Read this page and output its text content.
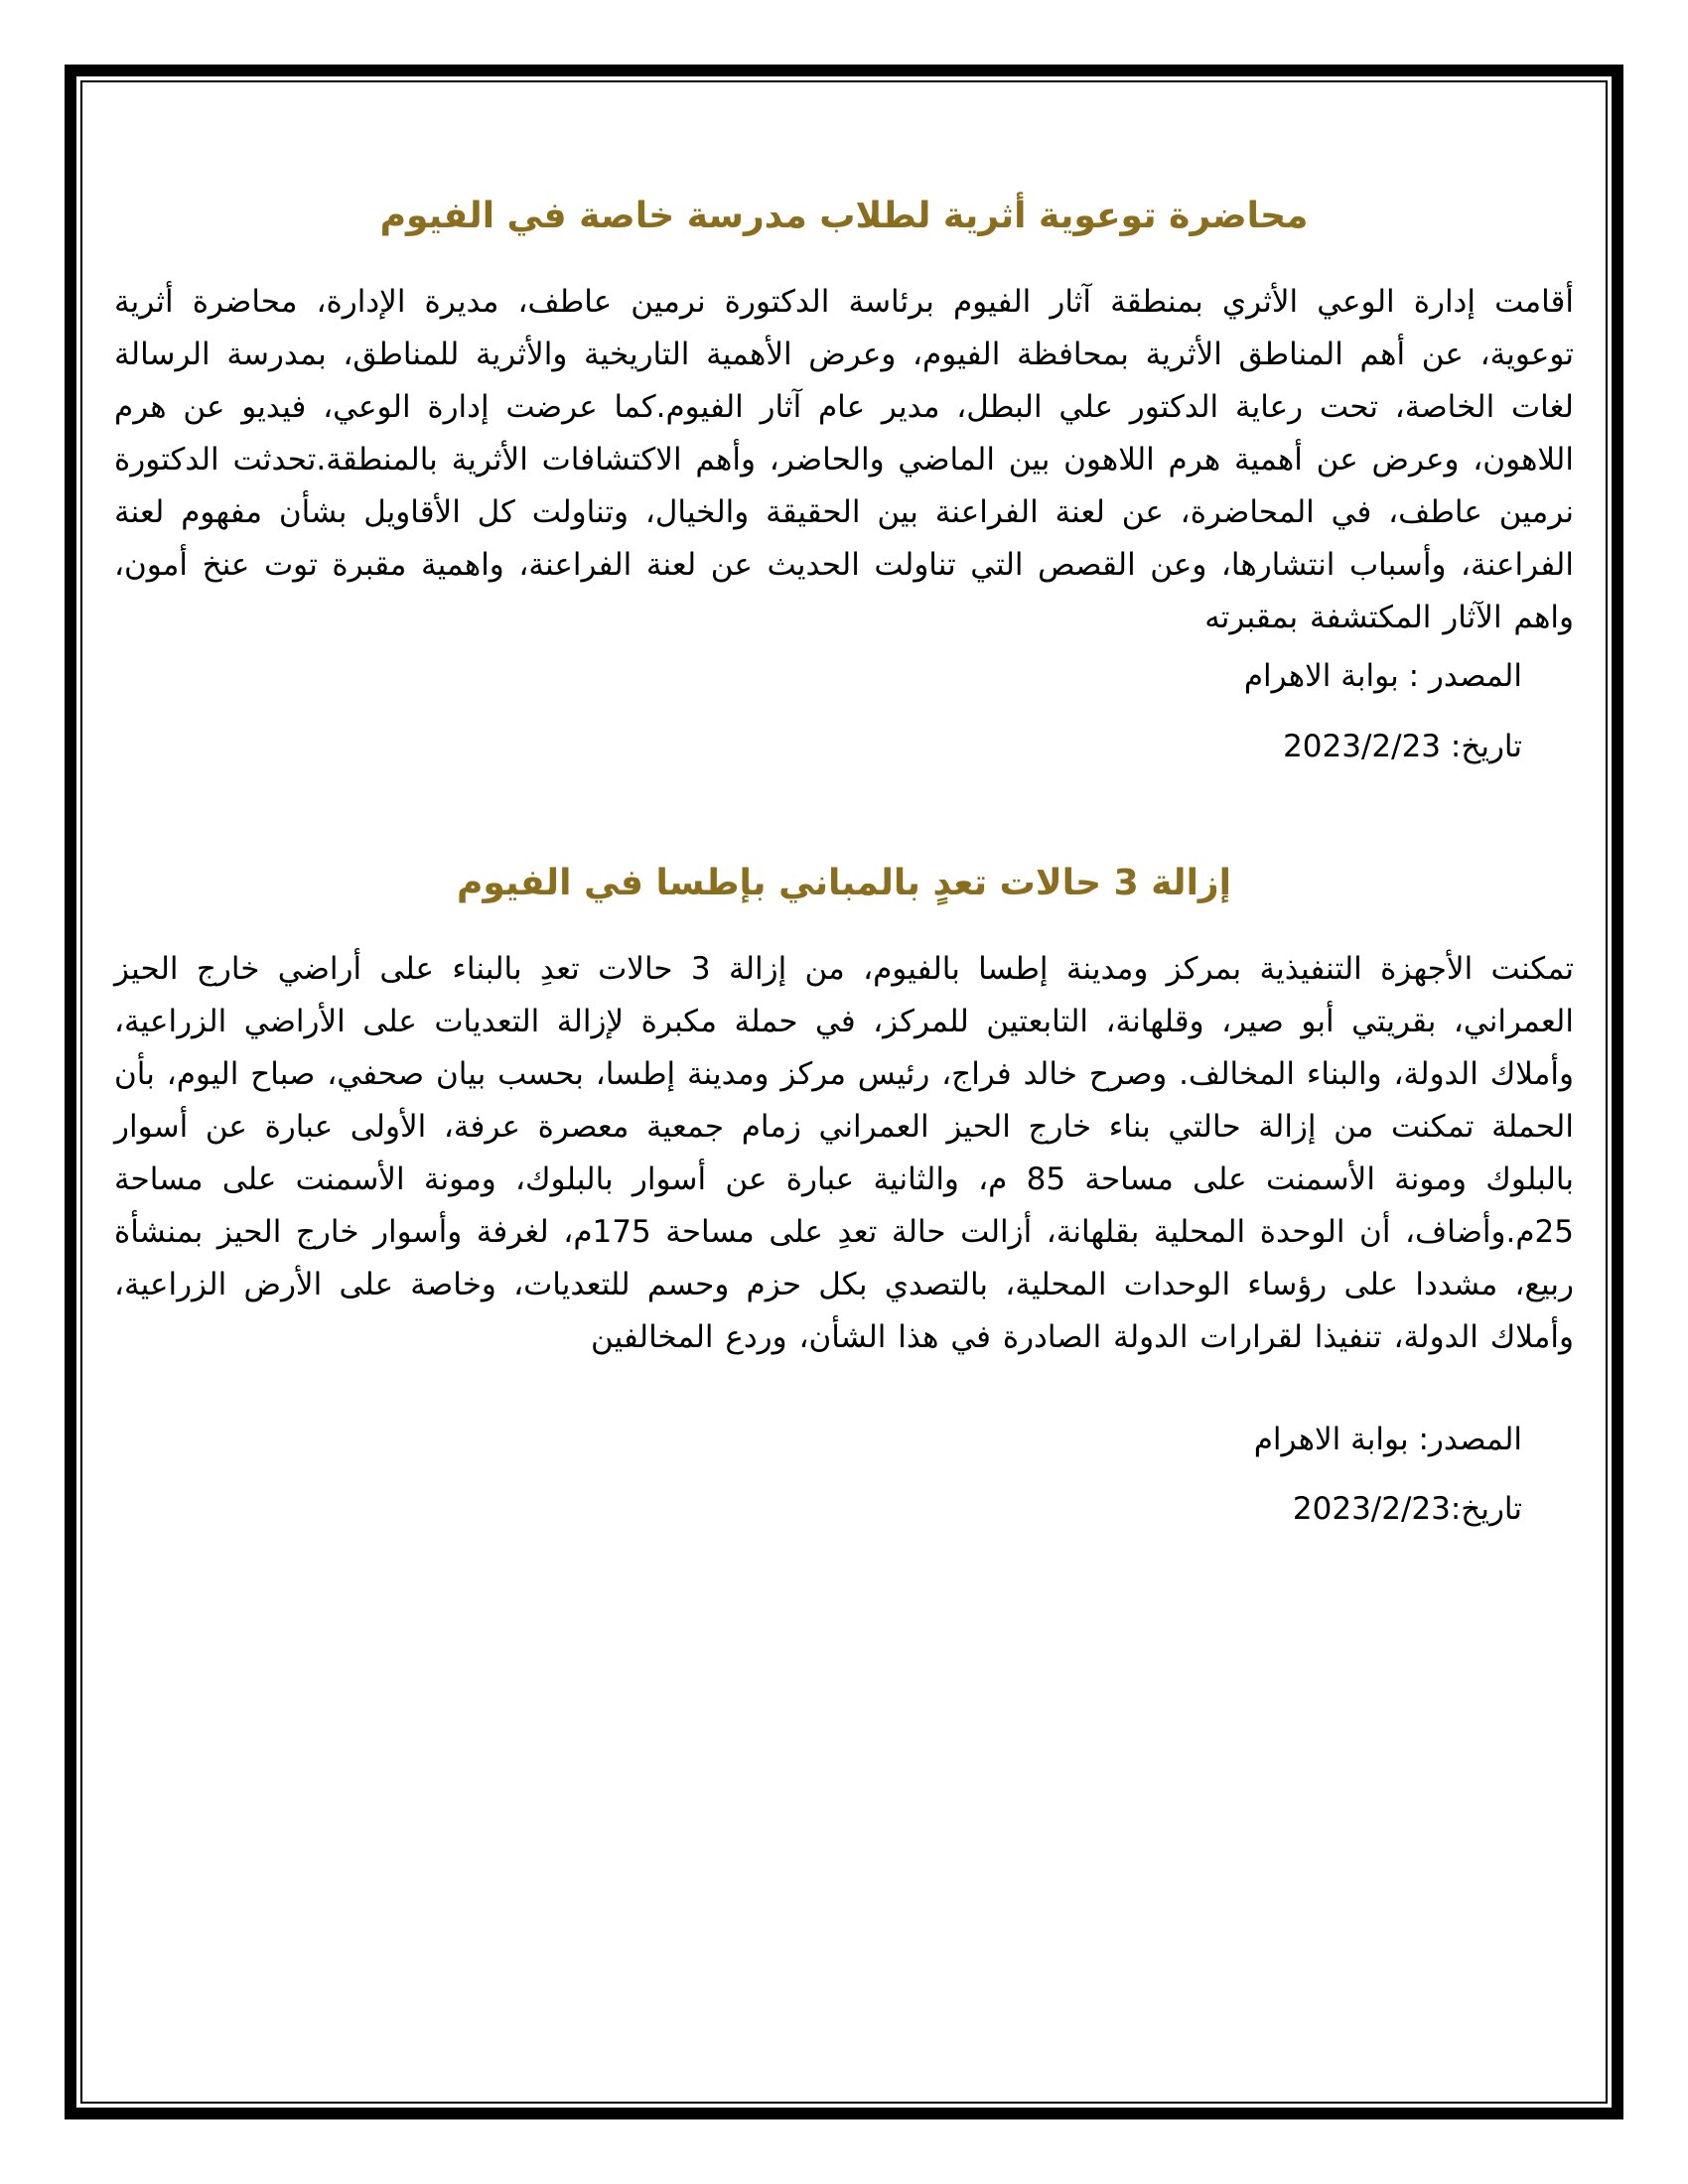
محاضرة توعوية أثرية لطلاب مدرسة خاصة في الفيوم

أقامت إدارة الوعي الأثري بمنطقة آثار الفيوم برئاسة الدكتورة نرمين عاطف، مديرة الإدارة، محاضرة أثرية توعوية، عن أهم المناطق الأثرية بمحافظة الفيوم، وعرض الأهمية التاريخية والأثرية للمناطق، بمدرسة الرسالة لغات الخاصة، تحت رعاية الدكتور علي البطل، مدير عام آثار الفيوم.كما عرضت إدارة الوعي، فيديو عن هرم اللاهون، وعرض عن أهمية هرم اللاهون بين الماضي والحاضر، وأهم الاكتشافات الأثرية بالمنطقة.تحدثت الدكتورة نرمين عاطف، في المحاضرة، عن لعنة الفراعنة بين الحقيقة والخيال، وتناولت كل الأقاويل بشأن مفهوم لعنة الفراعنة، وأسباب انتشارها، وعن القصص التي تناولت الحديث عن لعنة الفراعنة، واهمية مقبرة توت عنخ أمون، واهم الآثار المكتشفة بمقبرته

المصدر : بوابة الاهرام

تاريخ: 2023/2/23

إزالة 3 حالات تعدٍ بالمباني بإطسا في الفيوم

تمكنت الأجهزة التنفيذية بمركز ومدينة إطسا بالفيوم، من إزالة 3 حالات تعدِ بالبناء على أراضي خارج الحيز العمراني، بقريتي أبو صير، وقلهانة، التابعتين للمركز، في حملة مكبرة لإزالة التعديات على الأراضي الزراعية، وأملاك الدولة، والبناء المخالف. وصرح خالد فراج، رئيس مركز ومدينة إطسا، بحسب بيان صحفي، صباح اليوم، بأن الحملة تمكنت من إزالة حالتي بناء خارج الحيز العمراني زمام جمعية معصرة عرفة، الأولى عبارة عن أسوار بالبلوك ومونة الأسمنت على مساحة 85 م، والثانية عبارة عن أسوار بالبلوك، ومونة الأسمنت على مساحة 25م.وأضاف، أن الوحدة المحلية بقلهانة، أزالت حالة تعدِ على مساحة 175م، لغرفة وأسوار خارج الحيز بمنشأة ربيع، مشددا على رؤساء الوحدات المحلية، بالتصدي بكل حزم وحسم للتعديات، وخاصة على الأرض الزراعية، وأملاك الدولة، تنفيذا لقرارات الدولة الصادرة في هذا الشأن، وردع المخالفين

المصدر: بوابة الاهرام

تاريخ:2023/2/23
